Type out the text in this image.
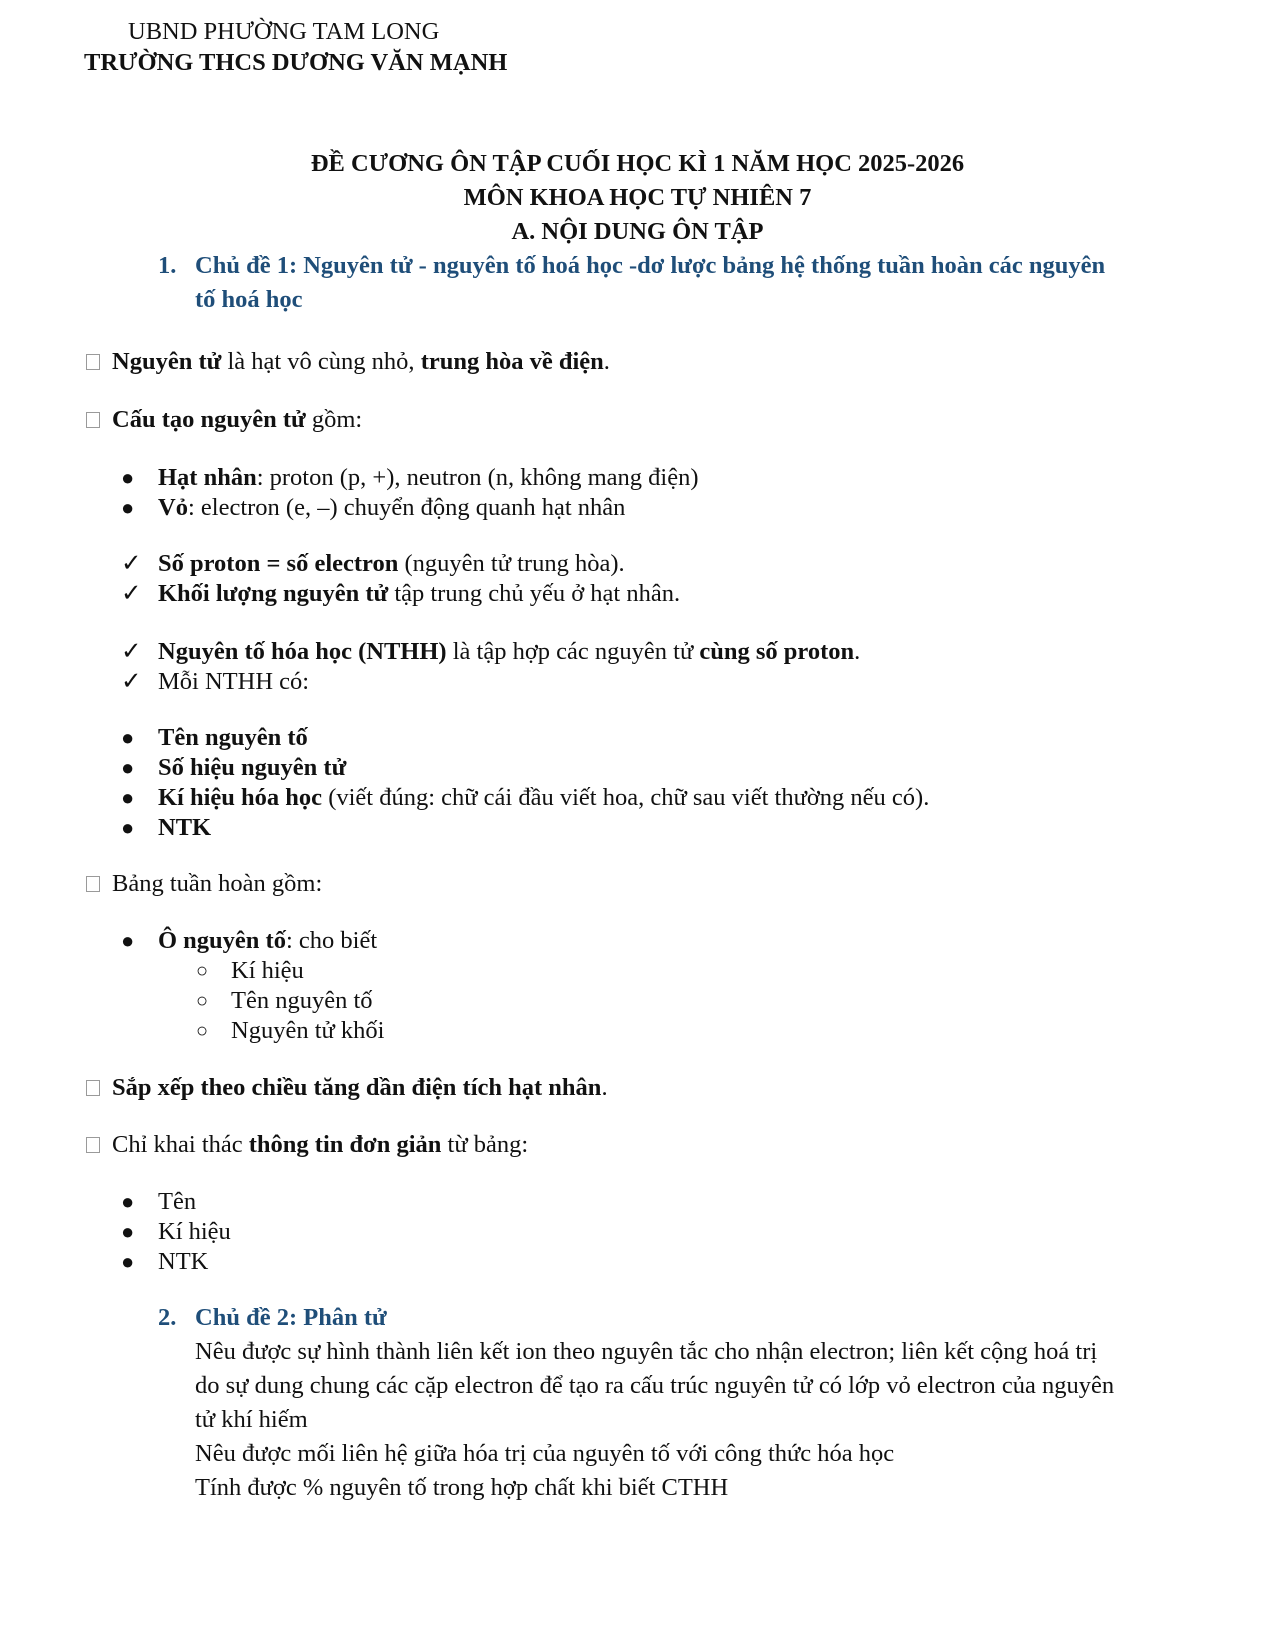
UBND PHƯỜNG TAM LONG
TRƯỜNG THCS DƯƠNG VĂN MẠNH
ĐỀ CƯƠNG ÔN TẬP CUỐI HỌC KÌ 1 NĂM HỌC 2025-2026
MÔN KHOA HỌC TỰ NHIÊN 7
A. NỘI DUNG ÔN TẬP
1. Chủ đề 1: Nguyên tử - nguyên tố hoá học -dơ lược bảng hệ thống tuần hoàn các nguyên
tố hoá học
Nguyên tử là hạt vô cùng nhỏ, trung hòa về điện.
Cấu tạo nguyên tử gồm:
● Hạt nhân: proton (p, +), neutron (n, không mang điện)
● Vỏ: electron (e, –) chuyển động quanh hạt nhân
✓ Số proton = số electron (nguyên tử trung hòa).
✓ Khối lượng nguyên tử tập trung chủ yếu ở hạt nhân.
✓ Nguyên tố hóa học (NTHH) là tập hợp các nguyên tử cùng số proton.
✓ Mỗi NTHH có:
● Tên nguyên tố
● Số hiệu nguyên tử
● Kí hiệu hóa học (viết đúng: chữ cái đầu viết hoa, chữ sau viết thường nếu có).
● NTK
Bảng tuần hoàn gồm:
● Ô nguyên tố: cho biết
○ Kí hiệu
○ Tên nguyên tố
○ Nguyên tử khối
Sắp xếp theo chiều tăng dần điện tích hạt nhân.
Chỉ khai thác thông tin đơn giản từ bảng:
● Tên
● Kí hiệu
● NTK
2. Chủ đề 2: Phân tử
Nêu được sự hình thành liên kết ion theo nguyên tắc cho nhận electron; liên kết cộng hoá trị
do sự dung chung các cặp electron để tạo ra cấu trúc nguyên tử có lớp vỏ electron của nguyên
tử khí hiếm
Nêu được mối liên hệ giữa hóa trị của nguyên tố với công thức hóa học
Tính được % nguyên tố trong hợp chất khi biết CTHH
